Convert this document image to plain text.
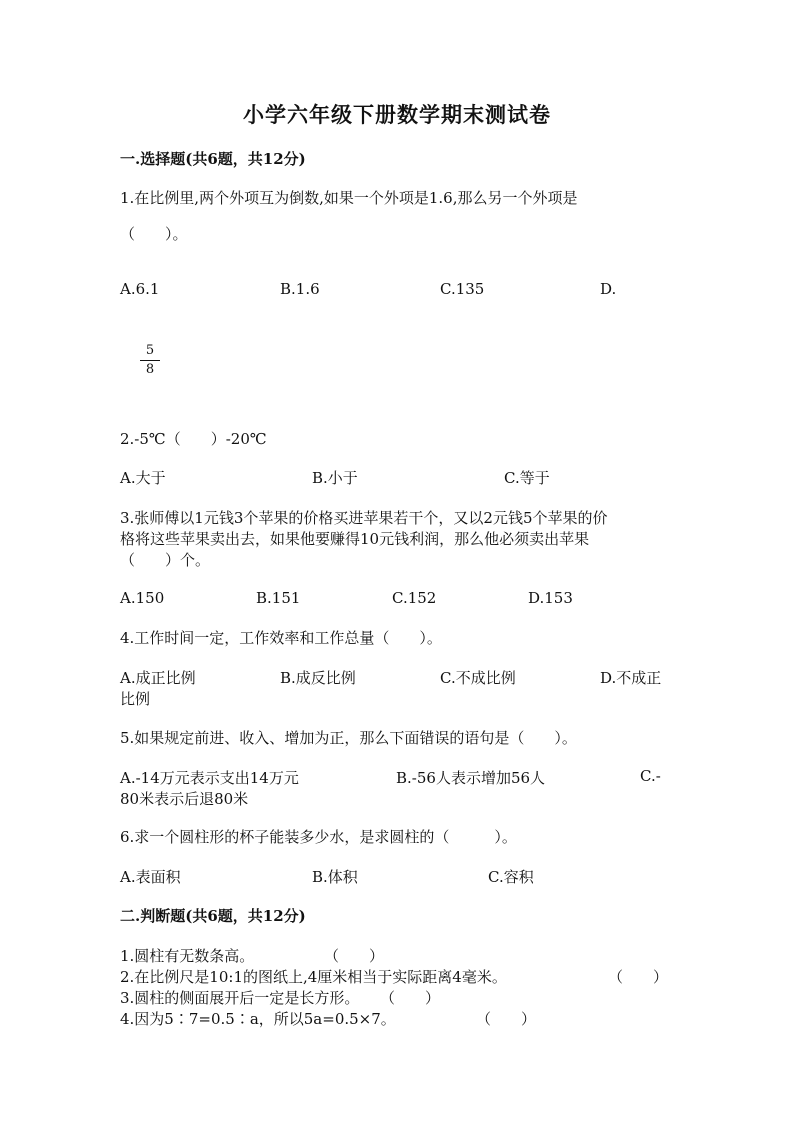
小学六年级下册数学期末测试卷
一.选择题(共6题，共12分)
1.在比例里,两个外项互为倒数,如果一个外项是1.6,那么另一个外项是
（　　）。
A.6.1	B.1.6	C.135	D.
5
8
2.-5℃（　　）-20℃
A.大于	B.小于	C.等于
3.张师傅以1元钱3个苹果的价格买进苹果若干个，又以2元钱5个苹果的价
格将这些苹果卖出去，如果他要赚得10元钱利润，那么他必须卖出苹果
（　　）个。
A.150	B.151	C.152	D.153
4.工作时间一定，工作效率和工作总量（　　）。
A.成正比例	B.成反比例	C.不成比例	D.不成正
比例
5.如果规定前进、收入、增加为正，那么下面错误的语句是（　　）。
A.-14万元表示支出14万元	B.-56人表示增加56人	C.-
80米表示后退80米
6.求一个圆柱形的杯子能装多少水，是求圆柱的（　　　）。
A.表面积	B.体积	C.容积
二.判断题(共6题，共12分)
1.圆柱有无数条高。	（　　）
2.在比例尺是10:1的图纸上,4厘米相当于实际距离4毫米。	（　　）
3.圆柱的侧面展开后一定是长方形。 （　　）
4.因为5∶7=0.5∶a，所以5a=0.5×7。	（　　）
